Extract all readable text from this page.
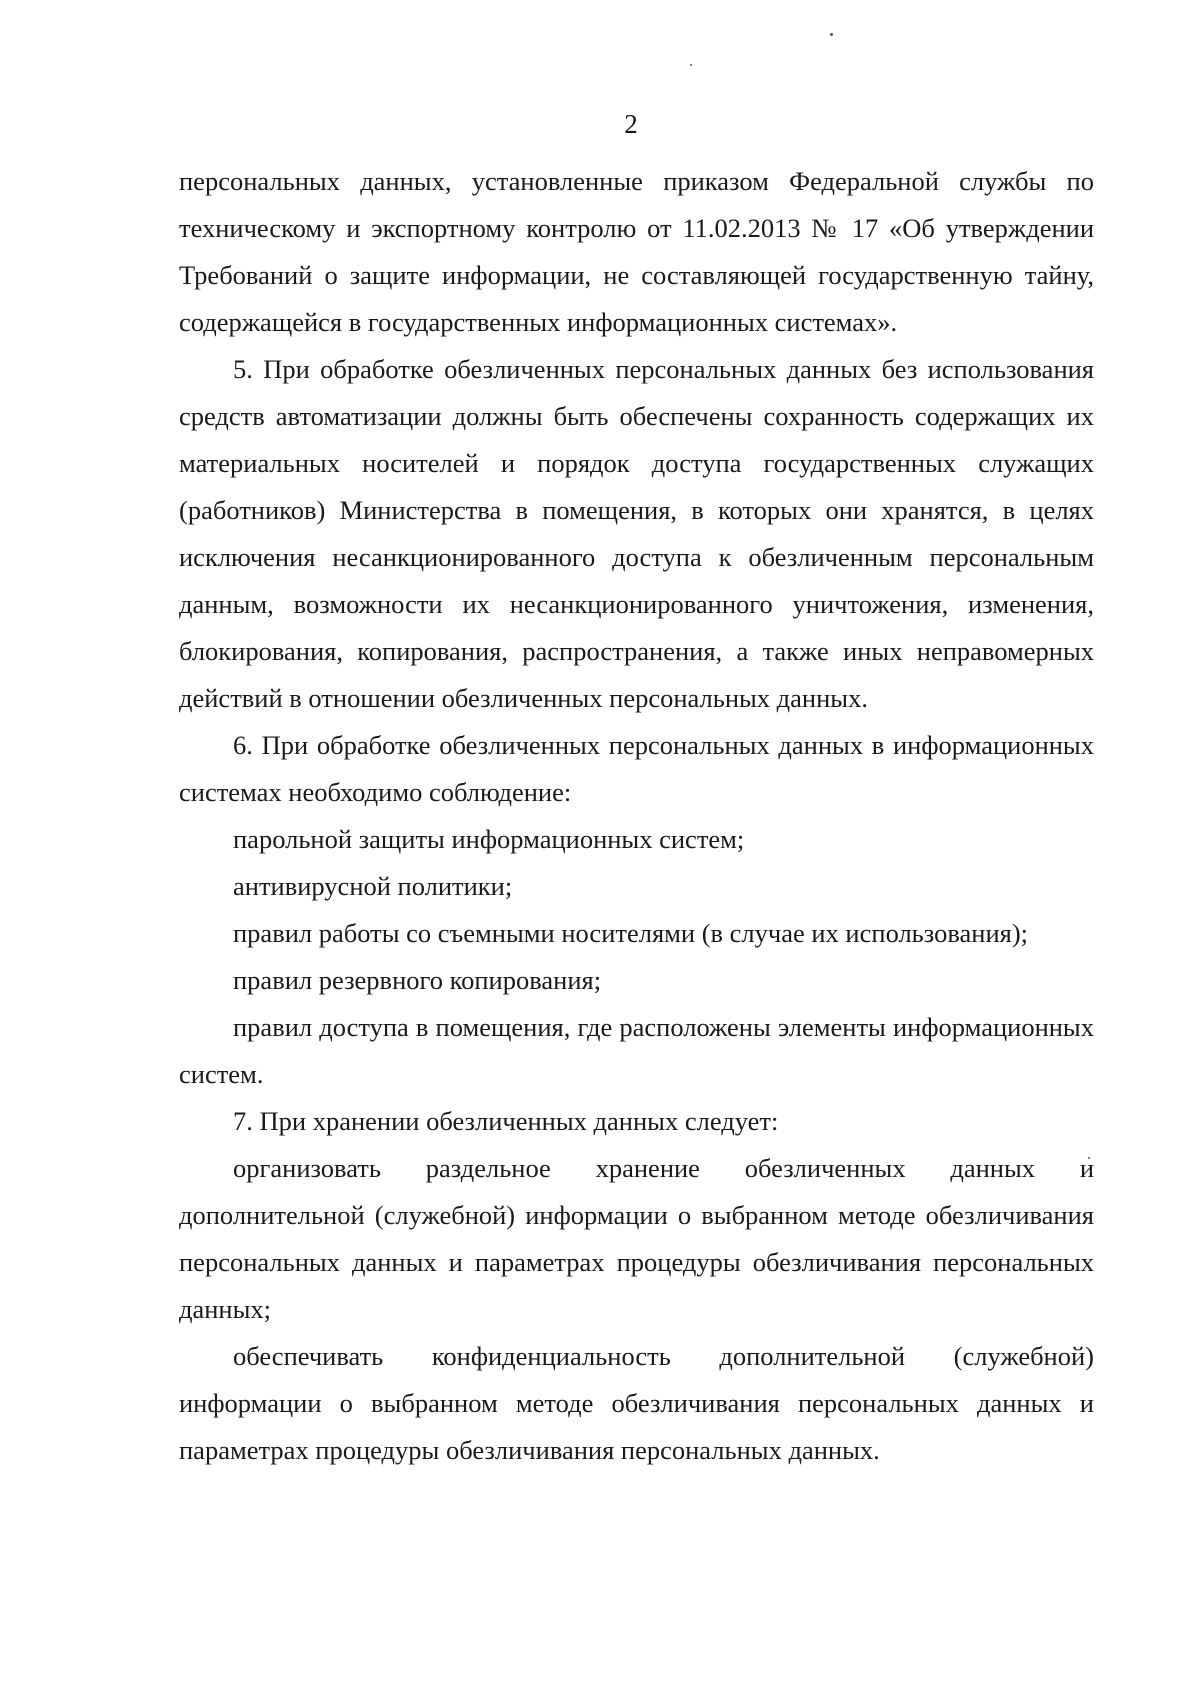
2

персональных данных, установленные приказом Федеральной службы по техническому и экспортному контролю от 11.02.2013 № 17 «Об утверждении Требований о защите информации, не составляющей государственную тайну, содержащейся в государственных информационных системах».

5. При обработке обезличенных персональных данных без использования средств автоматизации должны быть обеспечены сохранность содержащих их материальных носителей и порядок доступа государственных служащих (работников) Министерства в помещения, в которых они хранятся, в целях исключения несанкционированного доступа к обезличенным персональным данным, возможности их несанкционированного уничтожения, изменения, блокирования, копирования, распространения, а также иных неправомерных действий в отношении обезличенных персональных данных.

6. При обработке обезличенных персональных данных в информационных системах необходимо соблюдение:

парольной защиты информационных систем;

антивирусной политики;

правил работы со съемными носителями (в случае их использования);

правил резервного копирования;

правил доступа в помещения, где расположены элементы информационных систем.

7. При хранении обезличенных данных следует:

организовать раздельное хранение обезличенных данных и дополнительной (служебной) информации о выбранном методе обезличивания персональных данных и параметрах процедуры обезличивания персональных данных;

обеспечивать конфиденциальность дополнительной (служебной) информации о выбранном методе обезличивания персональных данных и параметрах процедуры обезличивания персональных данных.
